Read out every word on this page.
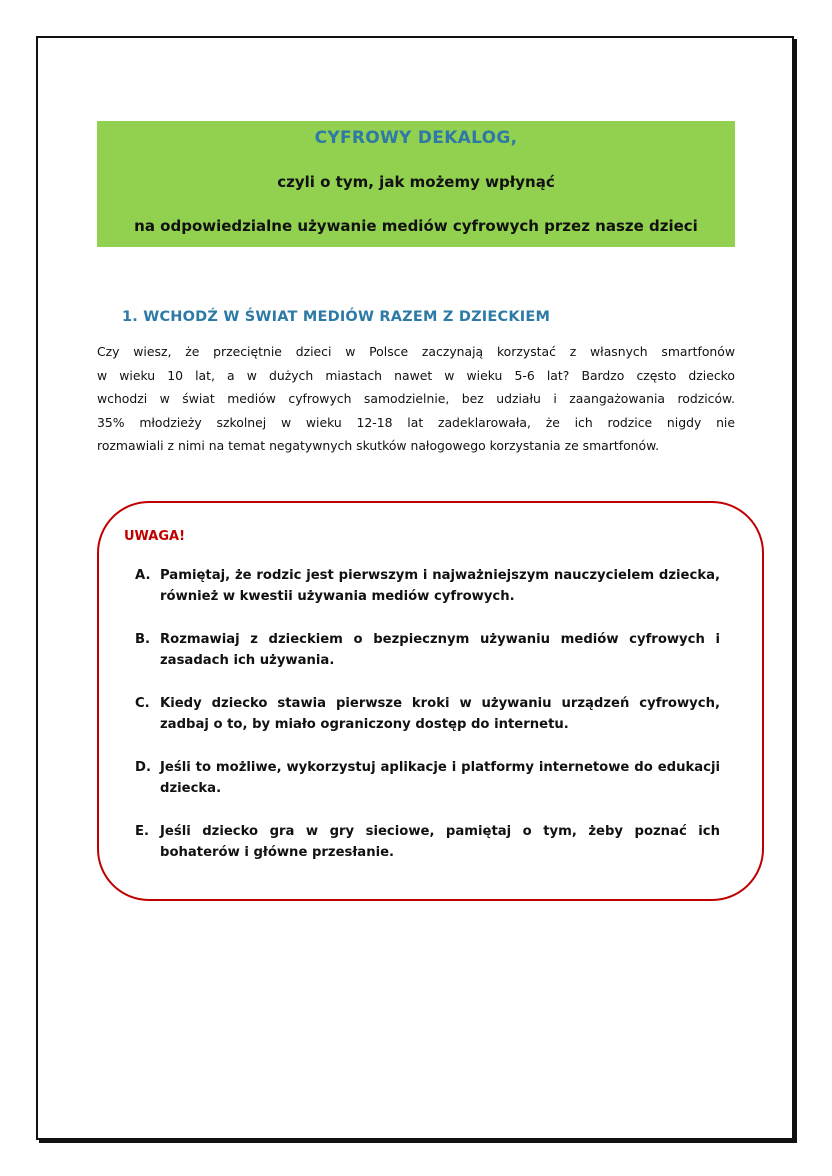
CYFROWY DEKALOG,
czyli o tym, jak możemy wpłynąć
na odpowiedzialne używanie mediów cyfrowych przez nasze dzieci
1. WCHODŹ W ŚWIAT MEDIÓW RAZEM Z DZIECKIEM
Czy wiesz, że przeciętnie dzieci w Polsce zaczynają korzystać z własnych smartfonów
w wieku 10 lat, a w dużych miastach nawet w wieku 5-6 lat? Bardzo często dziecko
wchodzi w świat mediów cyfrowych samodzielnie, bez udziału i zaangażowania rodziców.
35% młodzieży szkolnej w wieku 12-18 lat zadeklarowała, że ich rodzice nigdy nie
rozmawiali z nimi na temat negatywnych skutków nałogowego korzystania ze smartfonów.
UWAGA!
A. Pamiętaj, że rodzic jest pierwszym i najważniejszym nauczycielem dziecka, również w kwestii używania mediów cyfrowych.
B. Rozmawiaj z dzieckiem o bezpiecznym używaniu mediów cyfrowych i zasadach ich używania.
C. Kiedy dziecko stawia pierwsze kroki w używaniu urządzeń cyfrowych, zadbaj o to, by miało ograniczony dostęp do internetu.
D. Jeśli to możliwe, wykorzystuj aplikacje i platformy internetowe do edukacji dziecka.
E. Jeśli dziecko gra w gry sieciowe, pamiętaj o tym, żeby poznać ich bohaterów i główne przesłanie.
